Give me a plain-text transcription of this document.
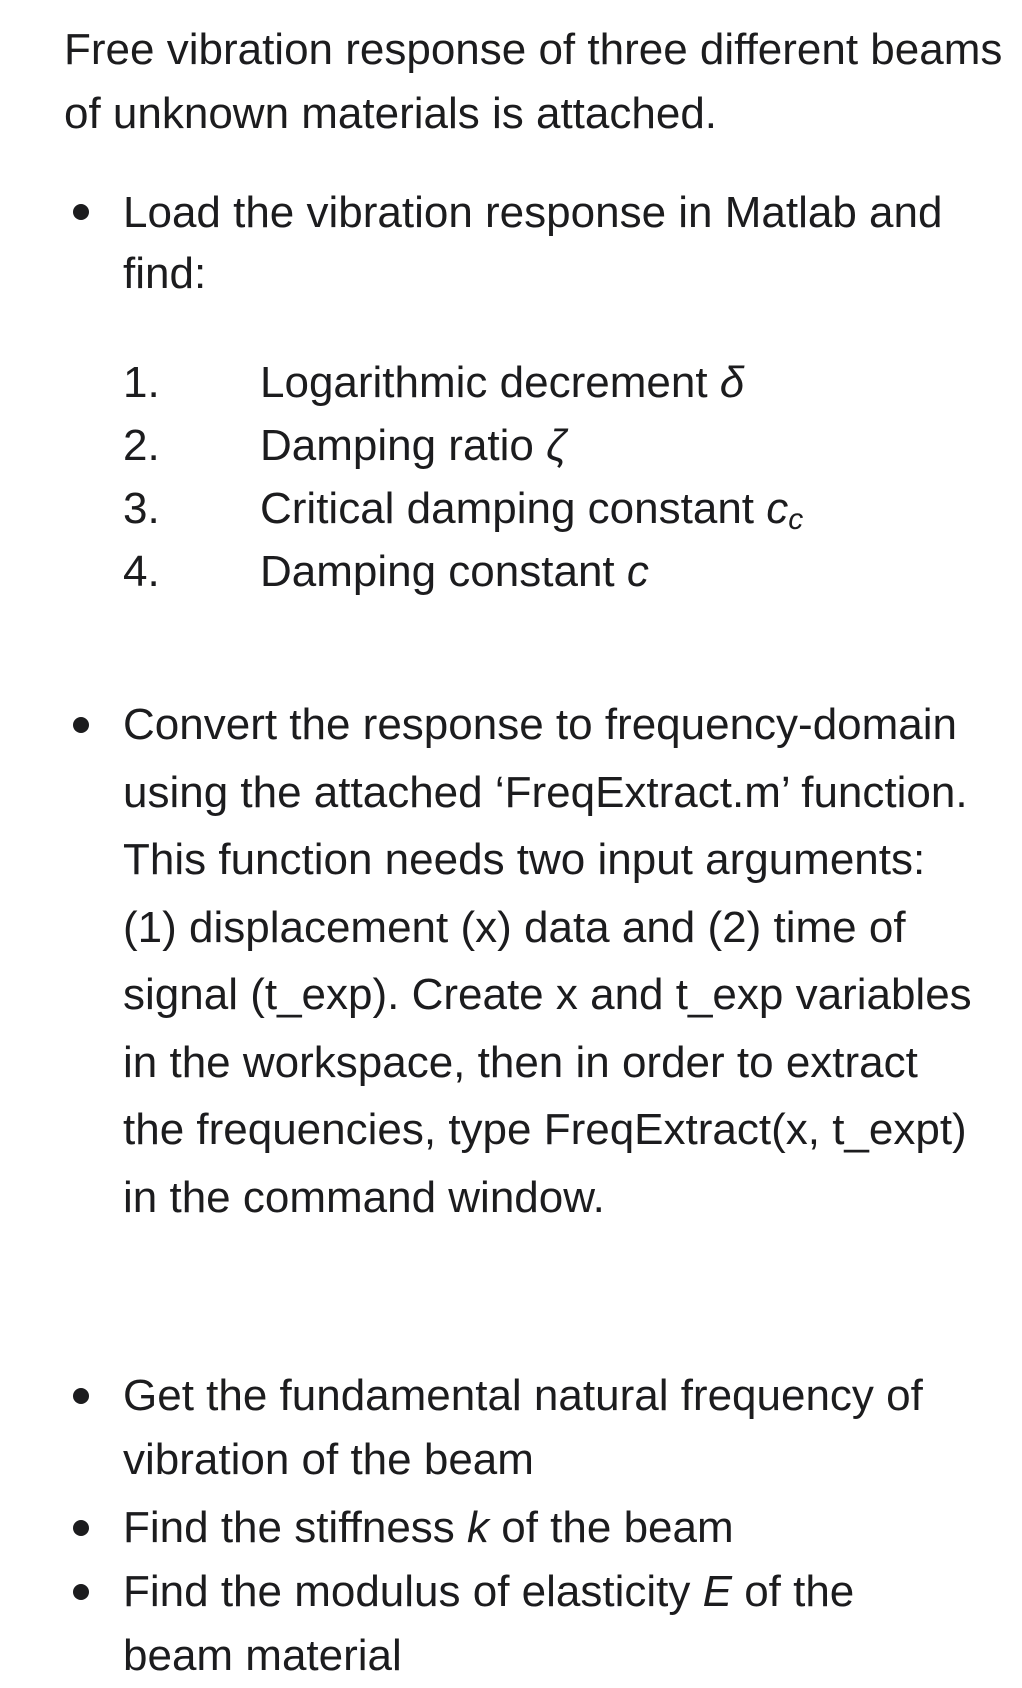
Free vibration response of three different beams of unknown materials is attached.

Load the vibration response in Matlab and find:

1. Logarithmic decrement δ
2. Damping ratio ζ
3. Critical damping constant $c_c$
4. Damping constant c

Convert the response to frequency-domain using the attached ‘FreqExtract.m’ function. This function needs two input arguments: (1) displacement (x) data and (2) time of signal (t_exp). Create x and t_exp variables in the workspace, then in order to extract the frequencies, type FreqExtract(x, t_expt) in the command window.

Get the fundamental natural frequency of vibration of the beam

Find the stiffness k of the beam

Find the modulus of elasticity E of the beam material
